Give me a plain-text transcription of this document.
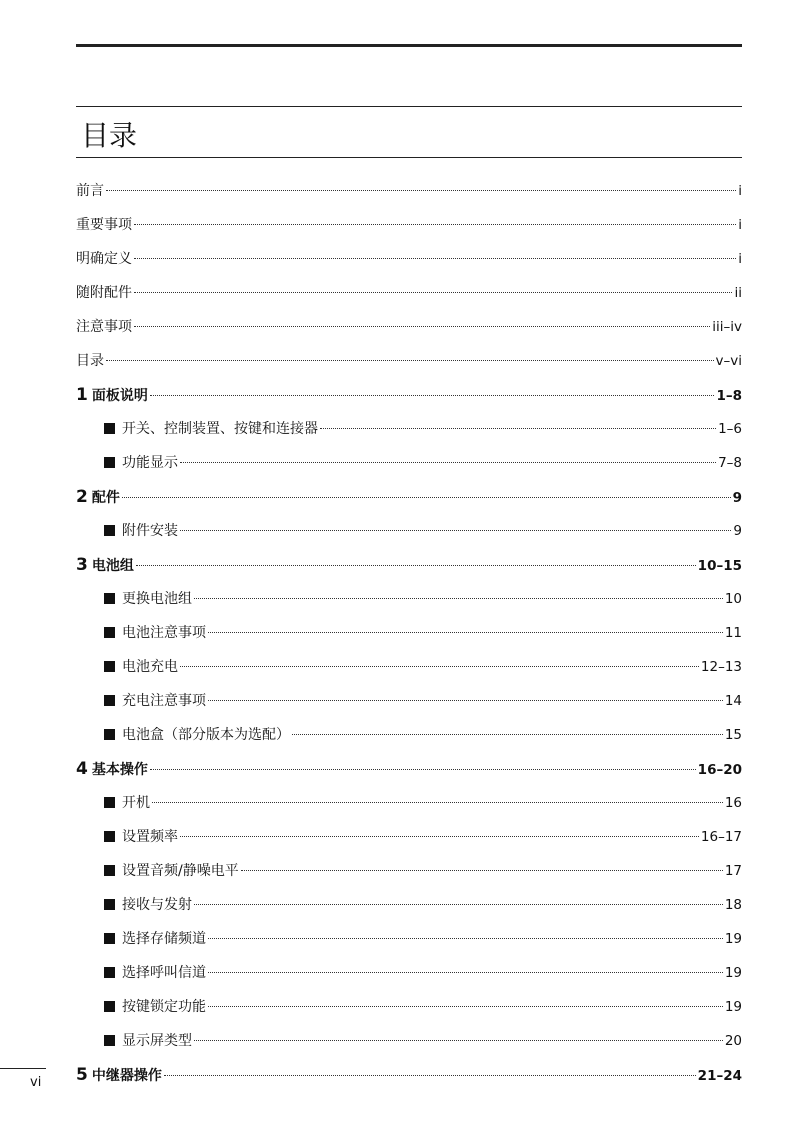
目录
前言	i
重要事项	i
明确定义	i
随附配件	ii
注意事项	iii–iv
目录	v–vi
1 面板说明	1–8
开关、控制装置、按键和连接器	1–6
功能显示	7–8
2 配件	9
附件安装	9
3 电池组	10–15
更换电池组	10
电池注意事项	11
电池充电	12–13
充电注意事项	14
电池盒（部分版本为选配）	15
4 基本操作	16–20
开机	16
设置频率	16–17
设置音频/静噪电平	17
接收与发射	18
选择存储频道	19
选择呼叫信道	19
按键锁定功能	19
显示屏类型	20
5 中继器操作	21–24
vi
